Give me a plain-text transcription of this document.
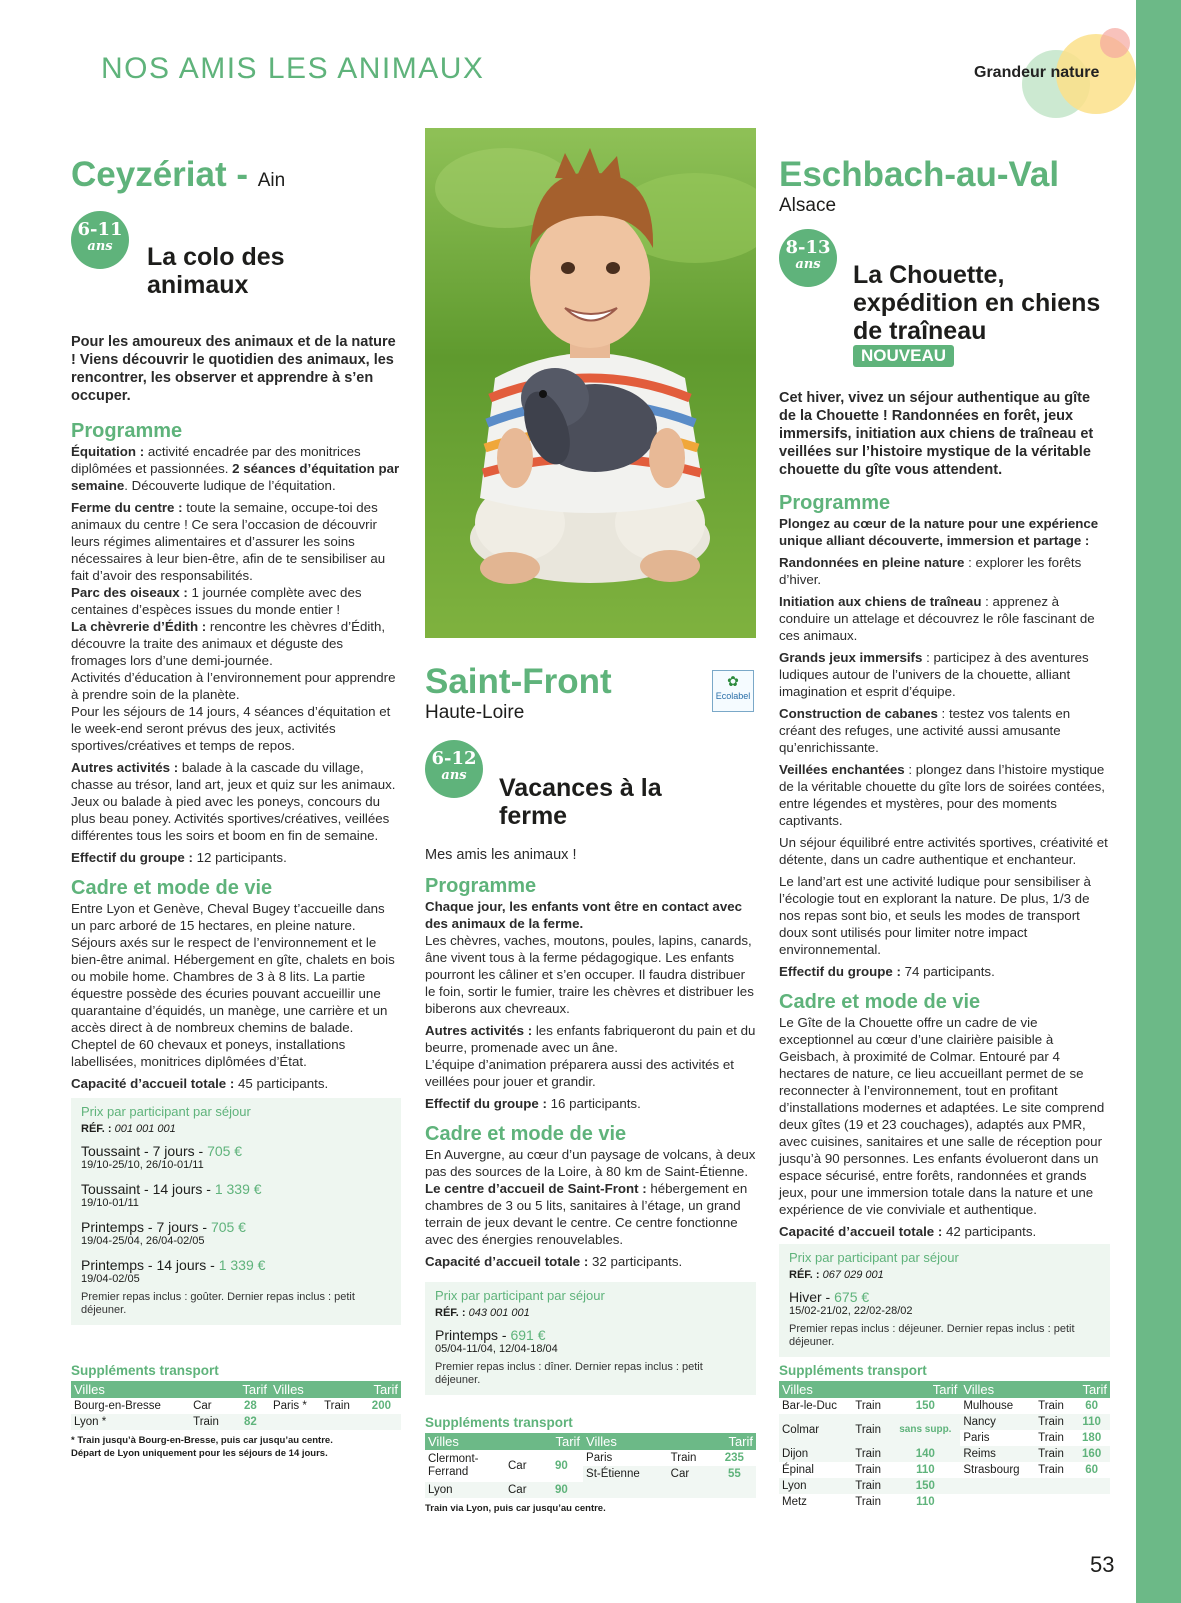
NOS AMIS LES ANIMAUX	Grandeur nature
Ceyzériat - Ain
6-11
ans	La colo des animaux

Pour les amoureux des animaux et de la nature ! Viens découvrir le quotidien des animaux, les rencontrer, les observer et apprendre à s’en occuper.

Programme

Équitation : activité encadrée par des monitrices diplômées et passionnées. 2 séances d’équitation par semaine. Découverte ludique de l’équitation.

Ferme du centre : toute la semaine, occupe-toi des animaux du centre ! Ce sera l’occasion de découvrir leurs régimes alimentaires et d’assurer les soins nécessaires à leur bien-être, afin de te sensibiliser au fait d’avoir des responsabilités.

Parc des oiseaux : 1 journée complète avec des centaines d’espèces issues du monde entier !

La chèvrerie d’Édith : rencontre les chèvres d’Édith, découvre la traite des animaux et déguste des fromages lors d’une demi-journée.

Activités d’éducation à l’environnement pour apprendre à prendre soin de la planète.

Pour les séjours de 14 jours, 4 séances d’équitation et le week-end seront prévus des jeux, activités sportives/créatives et temps de repos.

Autres activités : balade à la cascade du village, chasse au trésor, land art, jeux et quiz sur les animaux. Jeux ou balade à pied avec les poneys, concours du plus beau poney. Activités sportives/créatives, veillées différentes tous les soirs et boom en fin de semaine.

Effectif du groupe : 12 participants.

Cadre et mode de vie

Entre Lyon et Genève, Cheval Bugey t’accueille dans un parc arboré de 15 hectares, en pleine nature. Séjours axés sur le respect de l’environnement et le bien-être animal. Hébergement en gîte, chalets en bois ou mobile home. Chambres de 3 à 8 lits. La partie équestre possède des écuries pouvant accueillir une quarantaine d’équidés, un manège, une carrière et un accès direct à de nombreux chemins de balade. Cheptel de 60 chevaux et poneys, installations labellisées, monitrices diplômées d’État.

Capacité d’accueil totale : 45 participants.

Prix par participant par séjour
RÉF. : 001 001 001
Toussaint - 7 jours - 705 €
19/10-25/10, 26/10-01/11
Toussaint - 14 jours - 1 339 €
19/10-01/11
Printemps - 7 jours - 705 €
19/04-25/04, 26/04-02/05
Printemps - 14 jours - 1 339 €
19/04-02/05
Premier repas inclus : goûter. Dernier repas inclus : petit déjeuner.
Suppléments transport
Villes		Tarif	Villes		Tarif
Bourg-en-Bresse	Car	28	Paris *	Train	200
Lyon *	Train	82			
* Train jusqu’à Bourg-en-Bresse, puis car jusqu’au centre.
Départ de Lyon uniquement pour les séjours de 14 jours.
✿
Ecolabel
Saint-Front
Haute-Loire
6-12
ans	Vacances à la ferme

Mes amis les animaux !

Programme

Chaque jour, les enfants vont être en contact avec des animaux de la ferme.

Les chèvres, vaches, moutons, poules, lapins, canards, âne vivent tous à la ferme pédagogique. Les enfants pourront les câliner et s’en occuper. Il faudra distribuer le foin, sortir le fumier, traire les chèvres et distribuer les biberons aux chevreaux.

Autres activités : les enfants fabriqueront du pain et du beurre, promenade avec un âne.

L’équipe d’animation préparera aussi des activités et veillées pour jouer et grandir.

Effectif du groupe : 16 participants.

Cadre et mode de vie

En Auvergne, au cœur d’un paysage de volcans, à deux pas des sources de la Loire, à 80 km de Saint-Étienne.

Le centre d’accueil de Saint-Front : hébergement en chambres de 3 ou 5 lits, sanitaires à l’étage, un grand terrain de jeux devant le centre. Ce centre fonctionne avec des énergies renouvelables.

Capacité d’accueil totale : 32 participants.

Prix par participant par séjour
RÉF. : 043 001 001
Printemps - 691 €
05/04-11/04, 12/04-18/04
Premier repas inclus : dîner. Dernier repas inclus : petit déjeuner.
Suppléments transport
Villes		Tarif	Villes		Tarif
Clermont-Ferrand	Car	90	Paris	Train	235
			St-Étienne	Car	55
Lyon	Car	90			
Train via Lyon, puis car jusqu’au centre.
Eschbach-au-Val
Alsace
8-13
ans	La Chouette, expédition en chiens de traîneau
NOUVEAU

Cet hiver, vivez un séjour authentique au gîte de la Chouette ! Randonnées en forêt, jeux immersifs, initiation aux chiens de traîneau et veillées sur l’histoire mystique de la véritable chouette du gîte vous attendent.

Programme

Plongez au cœur de la nature pour une expérience unique alliant découverte, immersion et partage :

Randonnées en pleine nature : explorer les forêts d’hiver.

Initiation aux chiens de traîneau : apprenez à conduire un attelage et découvrez le rôle fascinant de ces animaux.

Grands jeux immersifs : participez à des aventures ludiques autour de l’univers de la chouette, alliant imagination et esprit d’équipe.

Construction de cabanes : testez vos talents en créant des refuges, une activité aussi amusante qu’enrichissante.

Veillées enchantées : plongez dans l’histoire mystique de la véritable chouette du gîte lors de soirées contées, entre légendes et mystères, pour des moments captivants.

Un séjour équilibré entre activités sportives, créativité et détente, dans un cadre authentique et enchanteur.

Le land’art est une activité ludique pour sensibiliser à l’écologie tout en explorant la nature. De plus, 1/3 de nos repas sont bio, et seuls les modes de transport doux sont utilisés pour limiter notre impact environnemental.

Effectif du groupe : 74 participants.

Cadre et mode de vie

Le Gîte de la Chouette offre un cadre de vie exceptionnel au cœur d’une clairière paisible à Geisbach, à proximité de Colmar. Entouré par 4 hectares de nature, ce lieu accueillant permet de se reconnecter à l’environnement, tout en profitant d’installations modernes et adaptées. Le site comprend deux gîtes (19 et 23 couchages), adaptés aux PMR, avec cuisines, sanitaires et une salle de réception pour jusqu’à 90 personnes. Les enfants évolueront dans un espace sécurisé, entre forêts, randonnées et grands jeux, pour une immersion totale dans la nature et une expérience de vie conviviale et authentique.

Capacité d’accueil totale : 42 participants.

Prix par participant par séjour
RÉF. : 067 029 001
Hiver - 675 €
15/02-21/02, 22/02-28/02
Premier repas inclus : déjeuner. Dernier repas inclus : petit déjeuner.
Suppléments transport
Villes		Tarif	Villes		Tarif
Bar-le-Duc	Train	150	Mulhouse	Train	60
Colmar	Train	sans supp.	Nancy	Train	110
			Paris	Train	180
Dijon	Train	140	Reims	Train	160
Épinal	Train	110	Strasbourg	Train	60
Lyon	Train	150			
Metz	Train	110			
53
